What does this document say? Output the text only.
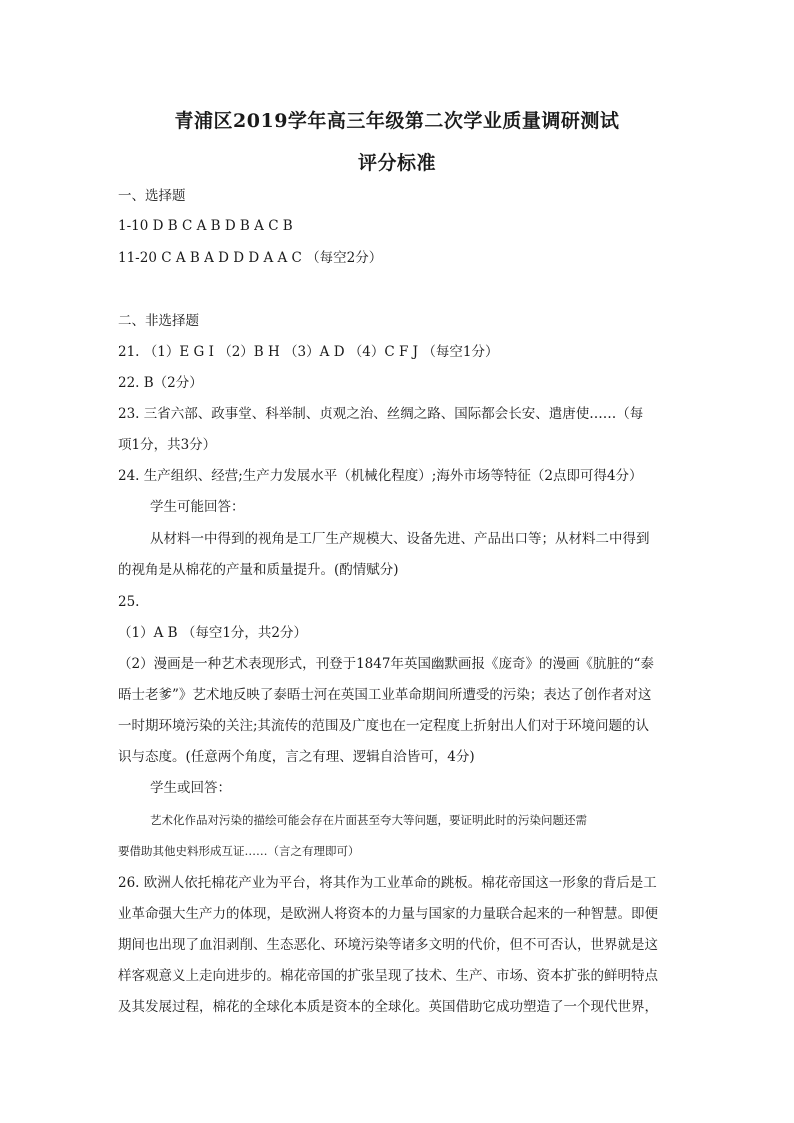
青浦区2019学年高三年级第二次学业质量调研测试
评分标准
一、选择题
1-10 D B C A B D B A C B
11-20 C A B A D D D A A C （每空2分）
二、非选择题
21. （1）E G I （2）B H （3）A D （4）C F J （每空1分）
22. B（2分）
23. 三省六部、政事堂、科举制、贞观之治、丝绸之路、国际都会长安、遣唐使……（每
项1分，共3分）
24. 生产组织、经营;生产力发展水平（机械化程度）;海外市场等特征（2点即可得4分）
学生可能回答：
从材料一中得到的视角是工厂生产规模大、设备先进、产品出口等；从材料二中得到
的视角是从棉花的产量和质量提升。(酌情赋分)
25.
（1）A B （每空1分，共2分）
（2）漫画是一种艺术表现形式，刊登于1847年英国幽默画报《庞奇》的漫画《肮脏的“泰
晤士老爹”》艺术地反映了泰晤士河在英国工业革命期间所遭受的污染；表达了创作者对这
一时期环境污染的关注;其流传的范围及广度也在一定程度上折射出人们对于环境问题的认
识与态度。(任意两个角度，言之有理、逻辑自洽皆可，4分)
学生或回答：
艺术化作品对污染的描绘可能会存在片面甚至夸大等问题，要证明此时的污染问题还需
要借助其他史料形成互证……（言之有理即可）
26. 欧洲人依托棉花产业为平台，将其作为工业革命的跳板。棉花帝国这一形象的背后是工
业革命强大生产力的体现，是欧洲人将资本的力量与国家的力量联合起来的一种智慧。即便
期间也出现了血泪剥削、生态恶化、环境污染等诸多文明的代价，但不可否认，世界就是这
样客观意义上走向进步的。棉花帝国的扩张呈现了技术、生产、市场、资本扩张的鲜明特点
及其发展过程，棉花的全球化本质是资本的全球化。英国借助它成功塑造了一个现代世界，
